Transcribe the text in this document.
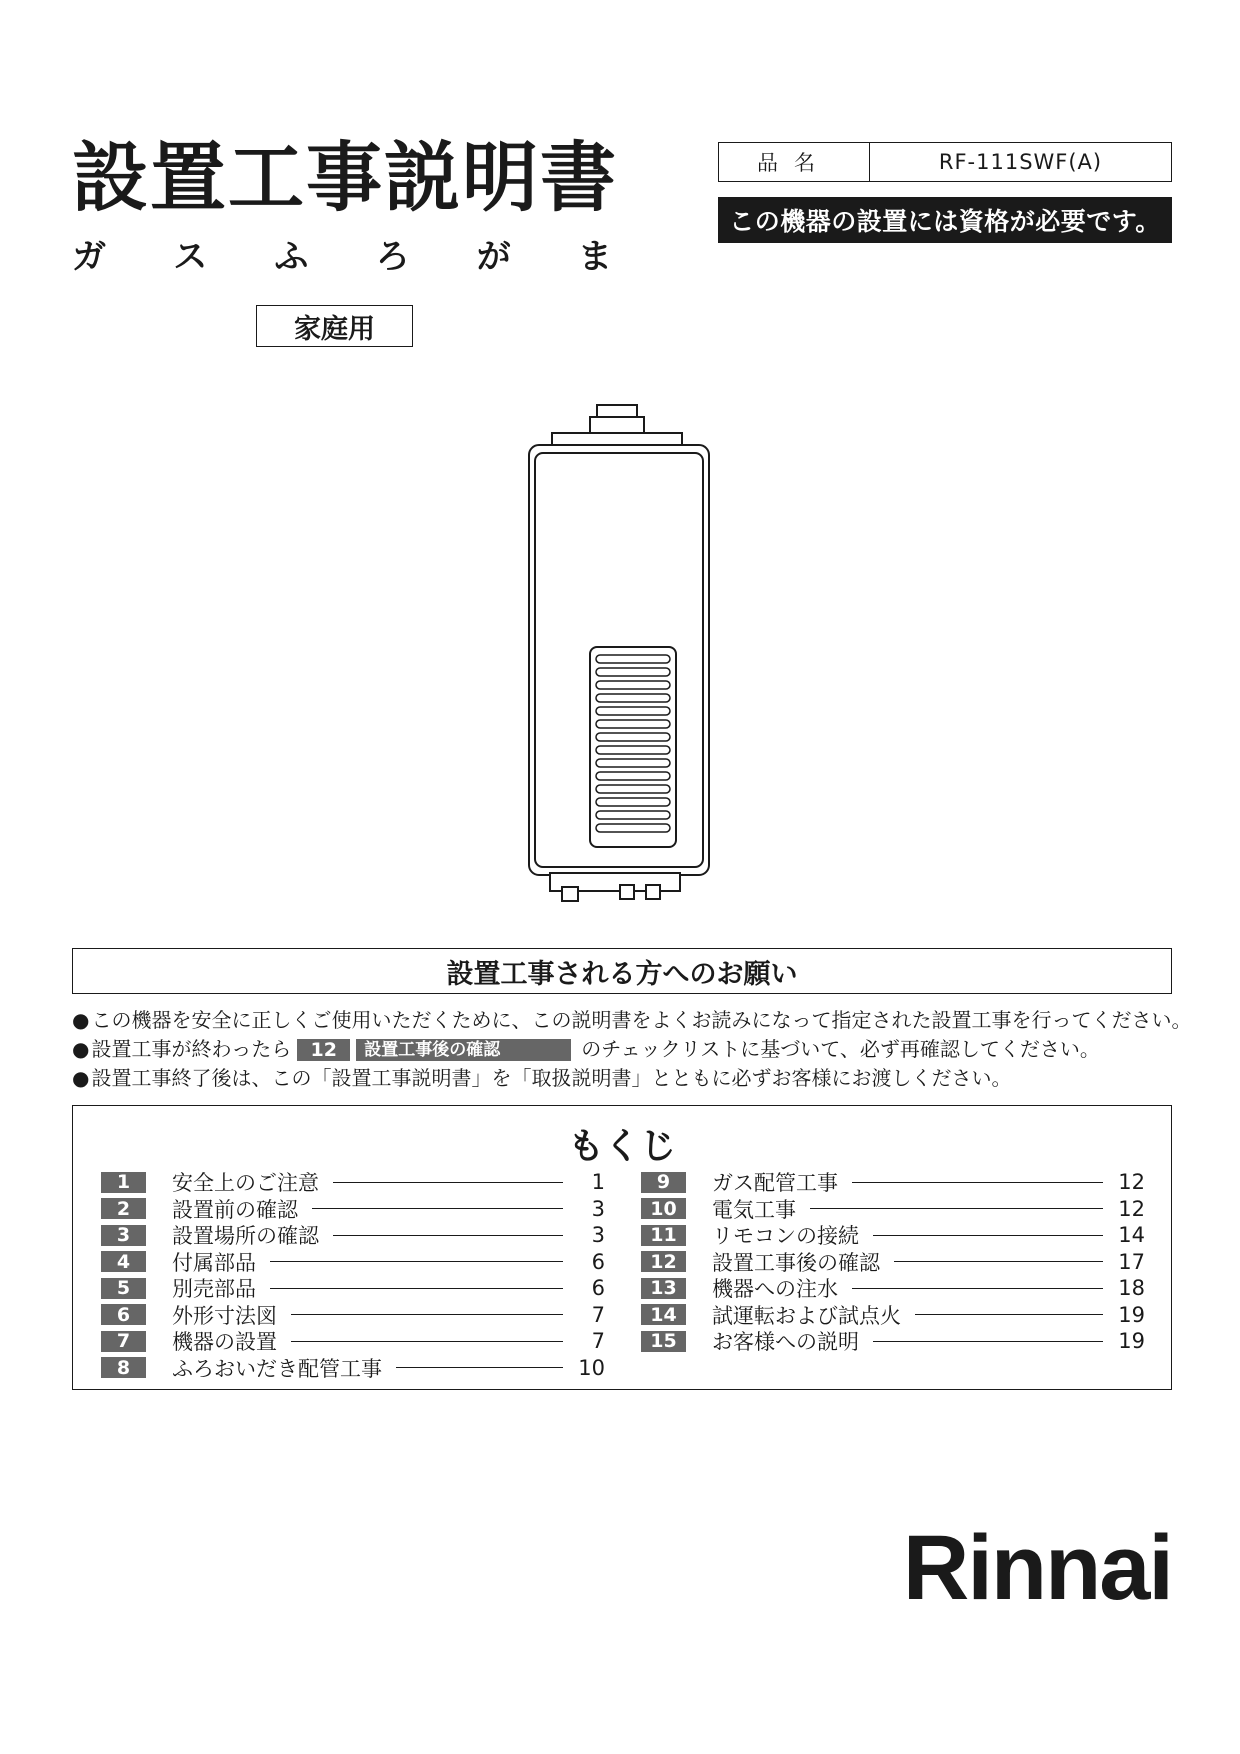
設置工事説明書
ガ ス ふ ろ が ま
家庭用
品名	RF-111SWF(A)
この機器の設置には資格が必要です。
設置工事される方へのお願い
● この機器を安全に正しくご使用いただくために、この説明書をよくお読みになって指定された設置工事を行ってください。
● 設置工事が終わったら	12	設置工事後の確認	のチェックリストに基づいて、必ず再確認してください。
● 設置工事終了後は、この「設置工事説明書」を「取扱説明書」とともに必ずお客様にお渡しください。
もくじ
1	安全上のご注意	1
2	設置前の確認	3
3	設置場所の確認	3
4	付属部品	6
5	別売部品	6
6	外形寸法図	7
7	機器の設置	7
8	ふろおいだき配管工事	10
9	ガス配管工事	12
10	電気工事	12
11	リモコンの接続	14
12	設置工事後の確認	17
13	機器への注水	18
14	試運転および試点火	19
15	お客様への説明	19
Rinnai
